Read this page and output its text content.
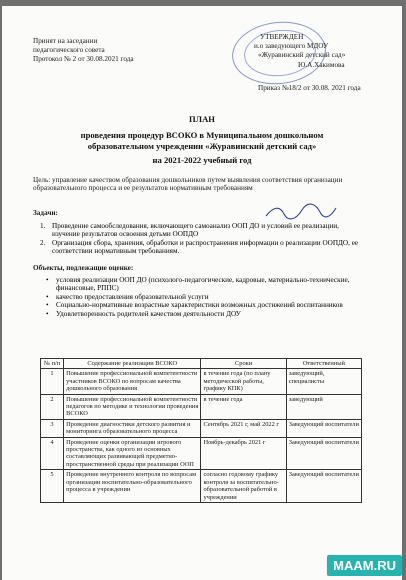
Принят на заседании
педагогического совета
Протокол № 2 от 30.08.2021 года
УТВЕРЖДЕН
и.о заведующего МДОУ
«Журавинский детский сад»
Ю.А.Хакимова
Приказ №18/2 от 30.08. 2021 года
ПЛАН
проведения процедур ВСОКО в Муниципальном дошкольном
образовательном учреждении «Журавинский детский сад»
на 2021-2022 учебный год
Цель: управление качеством образования дошкольников путем выявления соответствия организации образовательного процесса и ее результатов нормативным требованиям
Задачи:
1. Проведение самообследования, включающего самоанализ ООП ДО и условий ее реализации, изучение результатов освоения детьми ООПДО
2. Организация сбора, хранения, обработки и распространения информации о реализации ООПДО, ее соответствии нормативным требованиям.
Объекты, подлежащие оценке:
• условия реализации ООП ДО (психолого-педагогические, кадровые, материально-технические, финансовые, РППС)
• качество предоставления образовательной услуги
• Социально-нормативные возрастные характеристики возможных достижений воспитанников
• Удовлетворенность родителей качеством деятельности ДОУ
№ п/п	Содержание реализации ВСОКО	Сроки	Ответственный
1	Повышение профессиональной компетентности участников ВСОКО по вопросам качества дошкольного образования	в течение года (по плану методической работы, графику КПК)	заведующий, специалисты
2	Повышение профессиональной компетентности педагогов по методике и технологии проведения ВСОКО	в течение года	заведующий
3	Проведение диагностики детского развития и мониторинга образовательного процесса	Сентябрь 2021 г, май 2022 г	Заведующий воспитатели
4	Проведение оценки организации игрового пространства, как одного из основных составляющих развивающей предметно-пространственной среды при реализации ООП	Ноябрь-декабрь 2021 г	Заведующий воспитатели
5	Проведение внутреннего контроля по вопросам организации воспитательно-образовательного процесса в учреждении	согласно годовому графику контроля за воспитательно-образовательной работой в учреждении	Заведующий воспитатели
MAAM.RU
